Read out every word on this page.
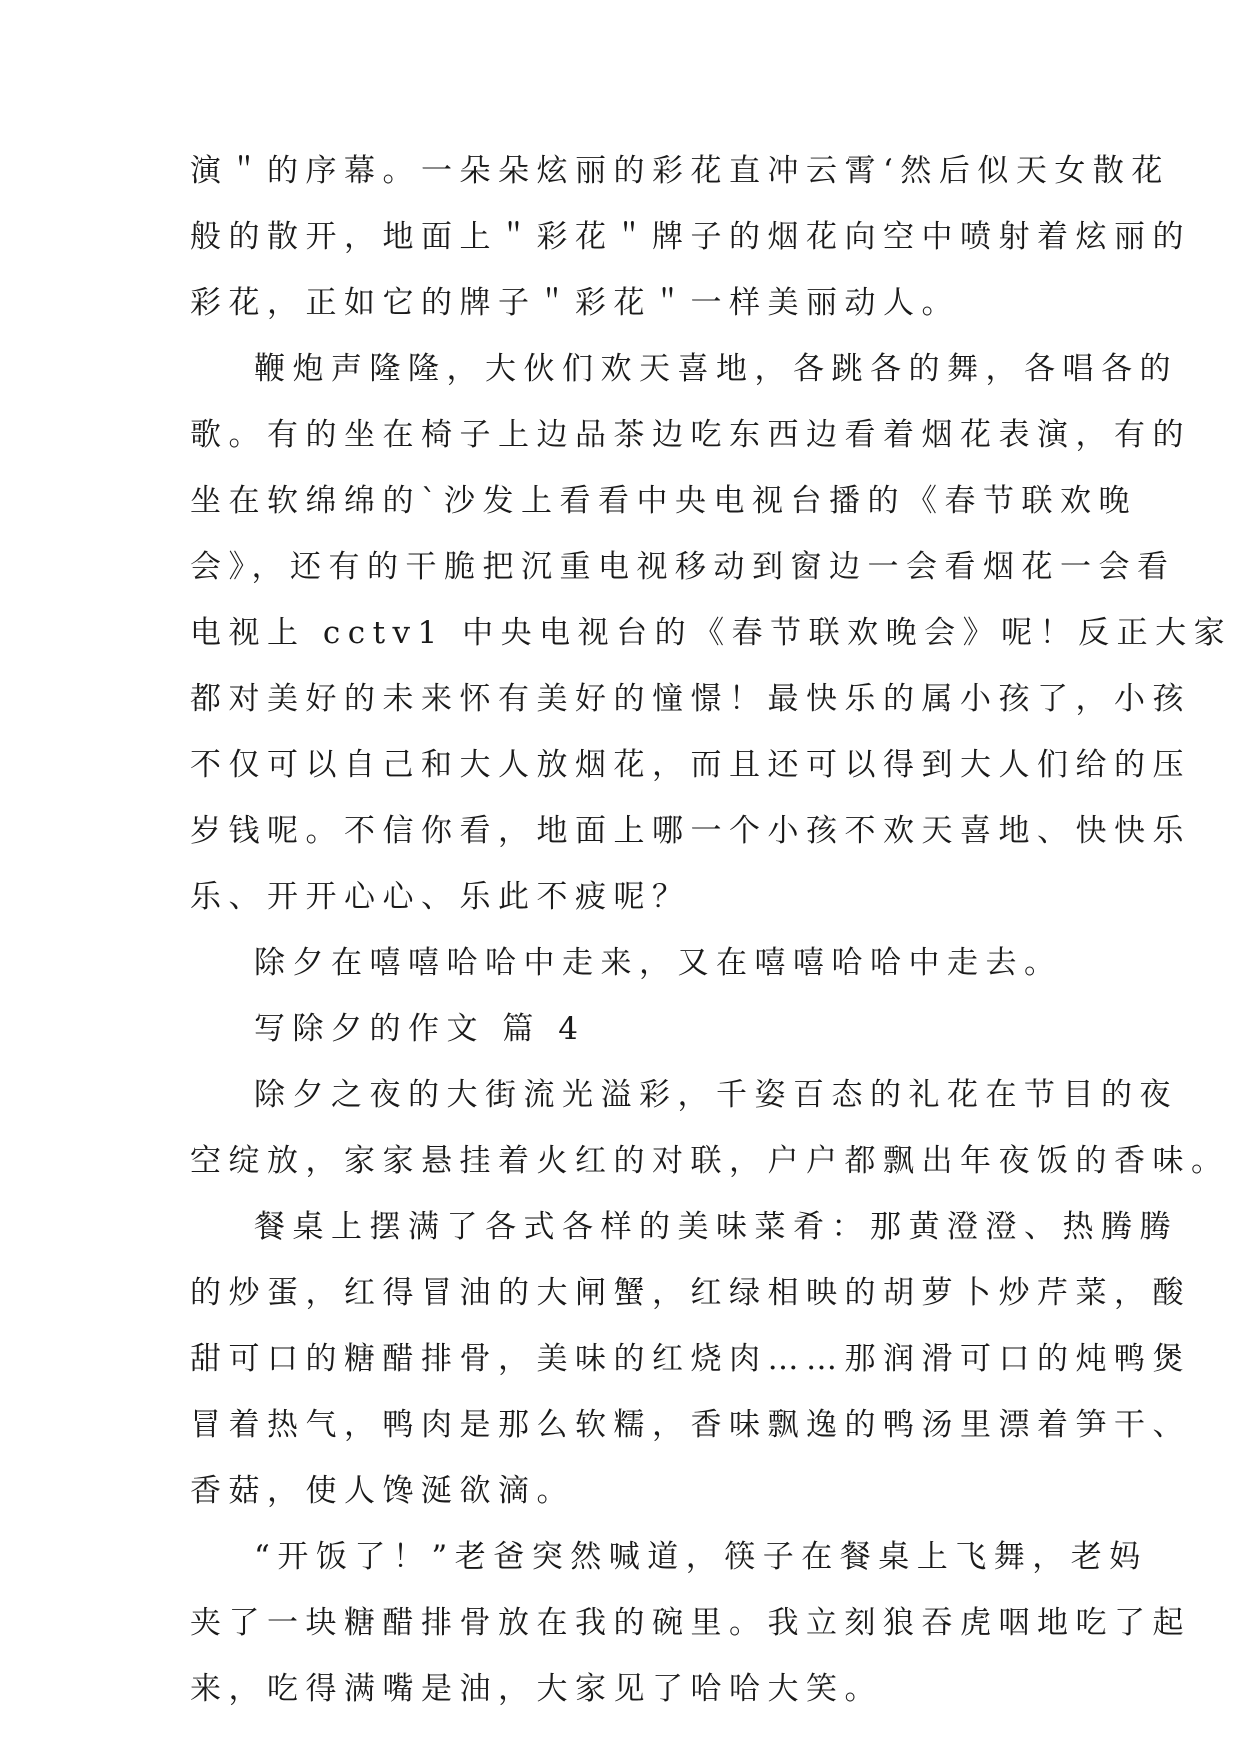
演＂的序幕。一朵朵炫丽的彩花直冲云霄‘然后似天女散花
般的散开，地面上＂彩花＂牌子的烟花向空中喷射着炫丽的
彩花，正如它的牌子＂彩花＂一样美丽动人。
鞭炮声隆隆，大伙们欢天喜地，各跳各的舞，各唱各的
歌。有的坐在椅子上边品茶边吃东西边看着烟花表演，有的
坐在软绵绵的`沙发上看看中央电视台播的《春节联欢晚
会》，还有的干脆把沉重电视移动到窗边一会看烟花一会看
电视上 cctv1 中央电视台的《春节联欢晚会》呢！反正大家
都对美好的未来怀有美好的憧憬！最快乐的属小孩了，小孩
不仅可以自己和大人放烟花，而且还可以得到大人们给的压
岁钱呢。不信你看，地面上哪一个小孩不欢天喜地、快快乐
乐、开开心心、乐此不疲呢？
除夕在嘻嘻哈哈中走来，又在嘻嘻哈哈中走去。
写除夕的作文 篇 4
除夕之夜的大街流光溢彩，千姿百态的礼花在节目的夜
空绽放，家家悬挂着火红的对联，户户都飘出年夜饭的香味。
餐桌上摆满了各式各样的美味菜肴：那黄澄澄、热腾腾
的炒蛋，红得冒油的大闸蟹，红绿相映的胡萝卜炒芹菜，酸
甜可口的糖醋排骨，美味的红烧肉……那润滑可口的炖鸭煲
冒着热气，鸭肉是那么软糯，香味飘逸的鸭汤里漂着笋干、
香菇，使人馋涎欲滴。
“开饭了！”老爸突然喊道，筷子在餐桌上飞舞，老妈
夹了一块糖醋排骨放在我的碗里。我立刻狼吞虎咽地吃了起
来，吃得满嘴是油，大家见了哈哈大笑。
